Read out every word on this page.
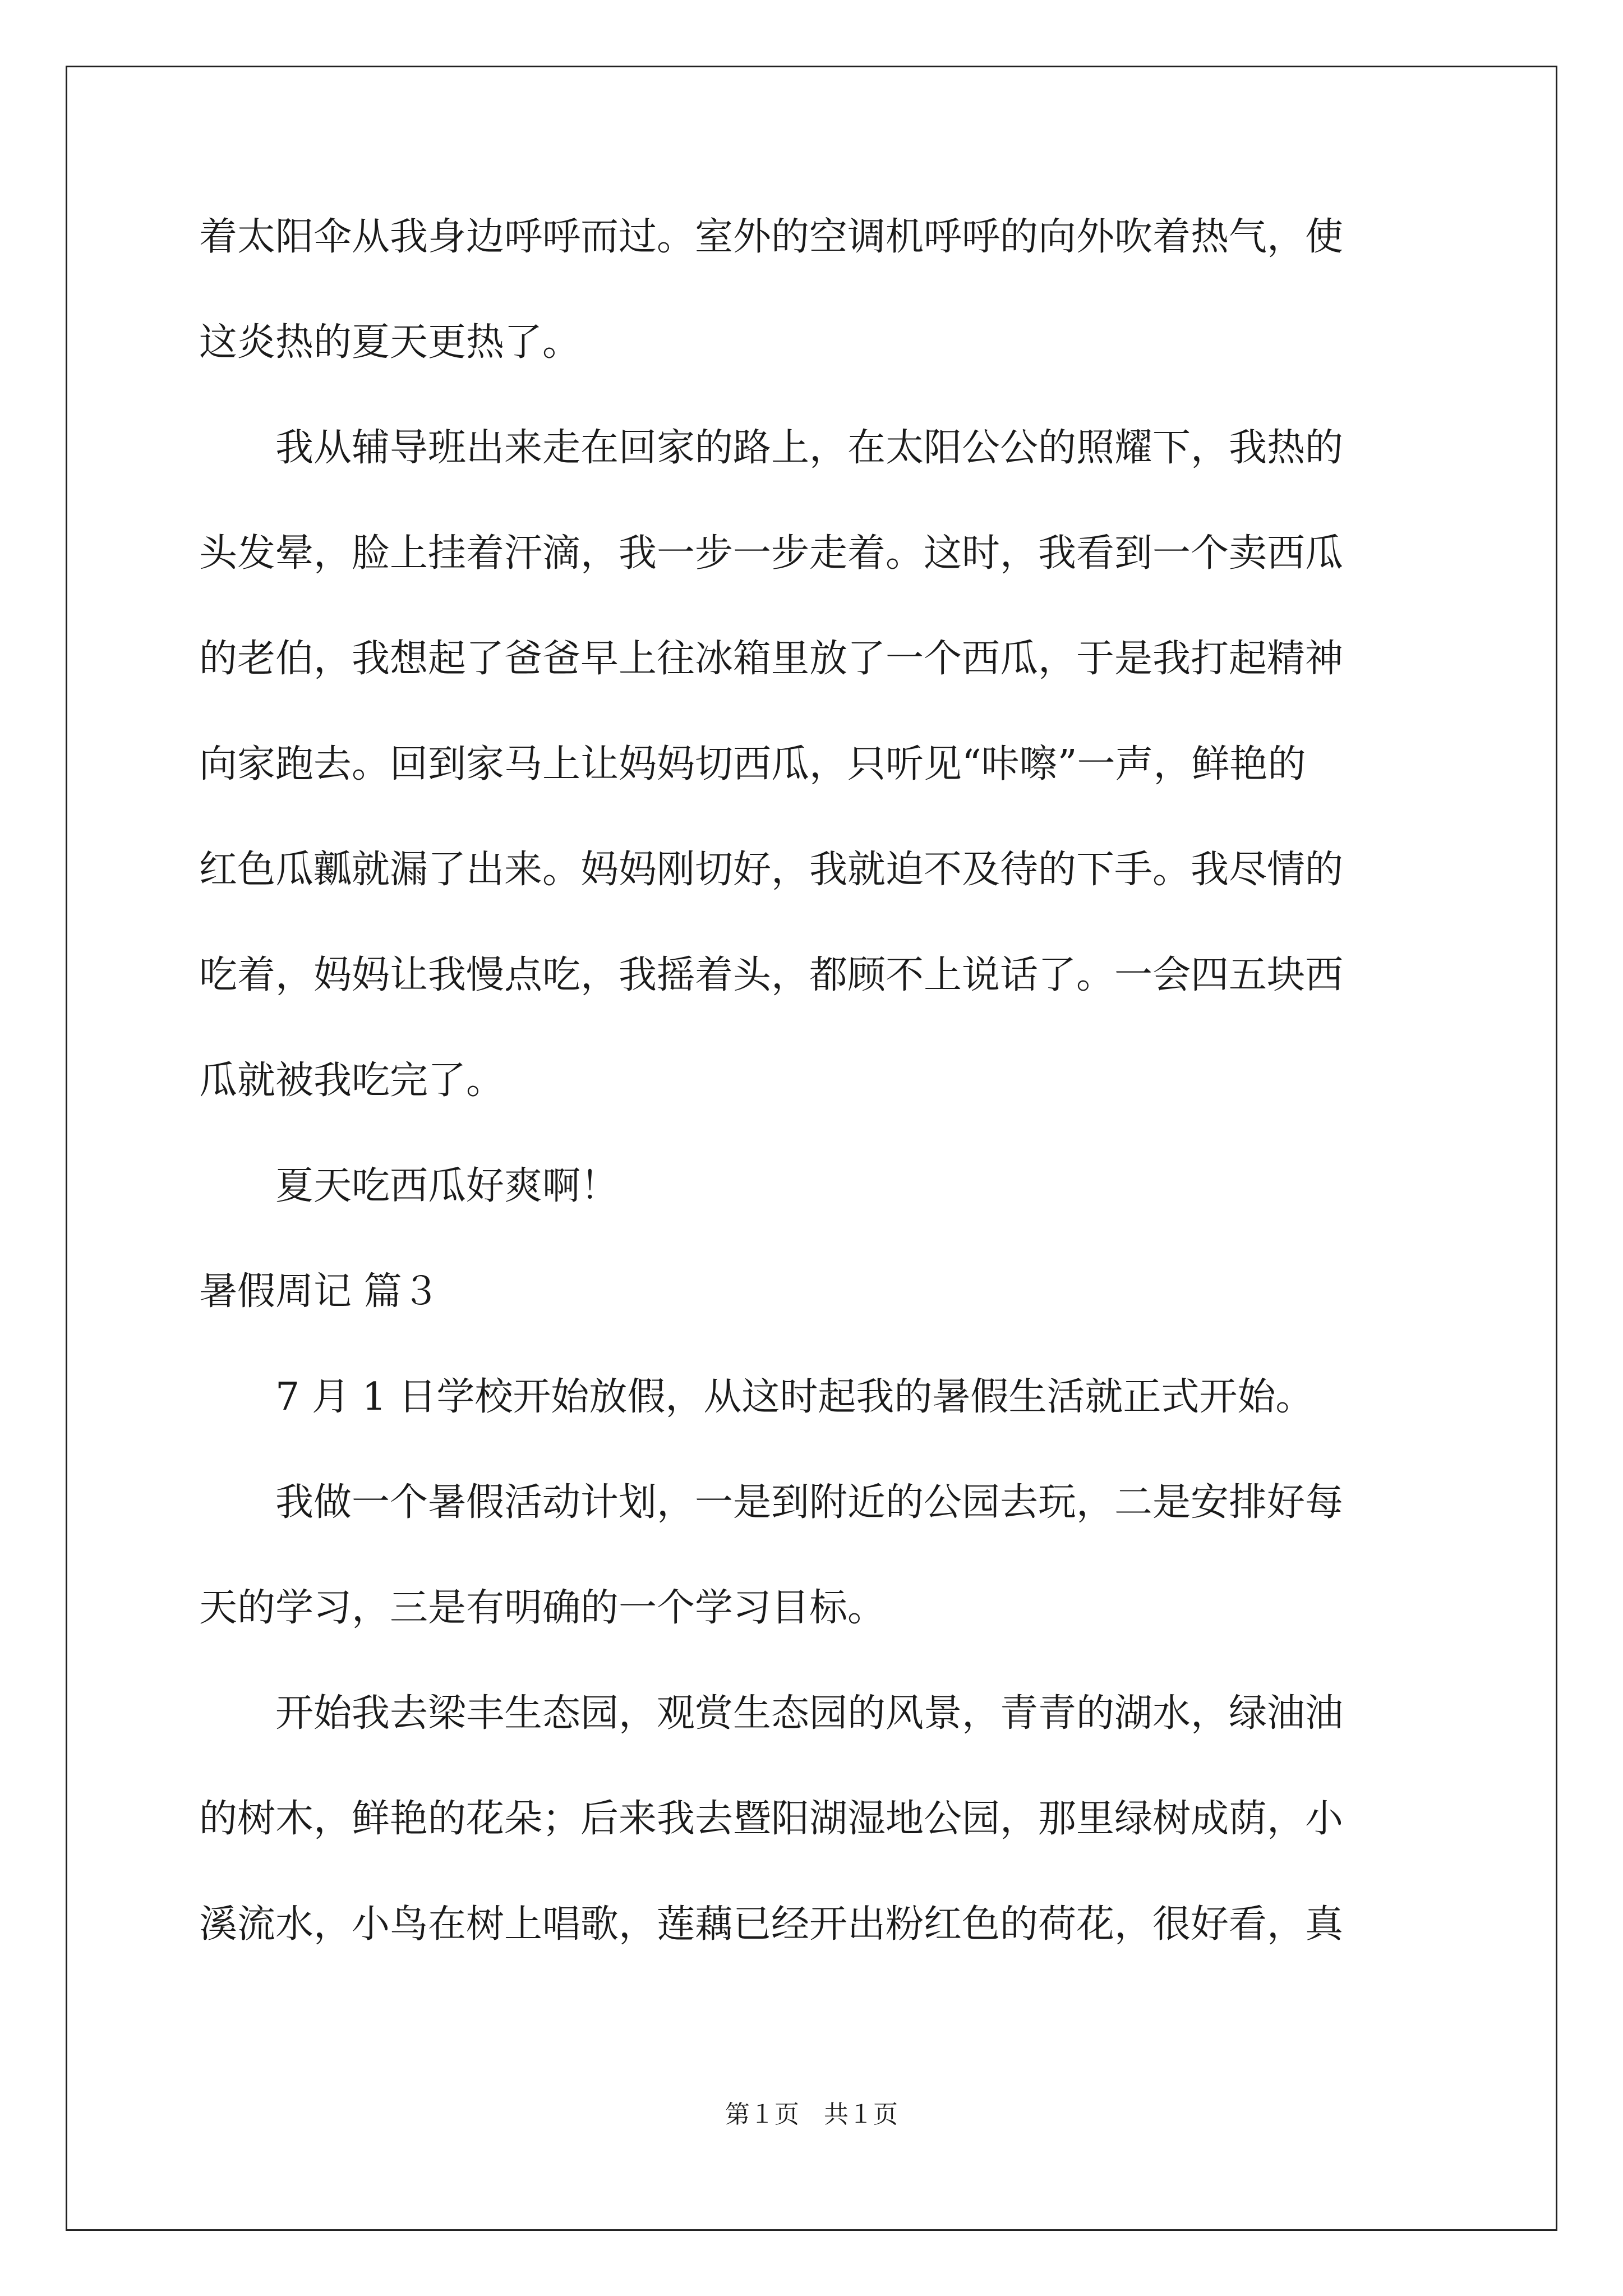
着太阳伞从我身边呼呼而过。室外的空调机呼呼的向外吹着热气，使
这炎热的夏天更热了。
　　我从辅导班出来走在回家的路上，在太阳公公的照耀下，我热的
头发晕，脸上挂着汗滴，我一步一步走着。这时，我看到一个卖西瓜
的老伯，我想起了爸爸早上往冰箱里放了一个西瓜，于是我打起精神
向家跑去。回到家马上让妈妈切西瓜，只听见“咔嚓”一声，鲜艳的
红色瓜瓤就漏了出来。妈妈刚切好，我就迫不及待的下手。我尽情的
吃着，妈妈让我慢点吃，我摇着头，都顾不上说话了。一会四五块西
瓜就被我吃完了。
　　夏天吃西瓜好爽啊！
暑假周记 篇３
　　7 月 1 日学校开始放假，从这时起我的暑假生活就正式开始。
　　我做一个暑假活动计划，一是到附近的公园去玩，二是安排好每
天的学习，三是有明确的一个学习目标。
　　开始我去梁丰生态园，观赏生态园的风景，青青的湖水，绿油油
的树木，鲜艳的花朵；后来我去暨阳湖湿地公园，那里绿树成荫，小
溪流水，小鸟在树上唱歌，莲藕已经开出粉红色的荷花，很好看，真
第１页　共１页
